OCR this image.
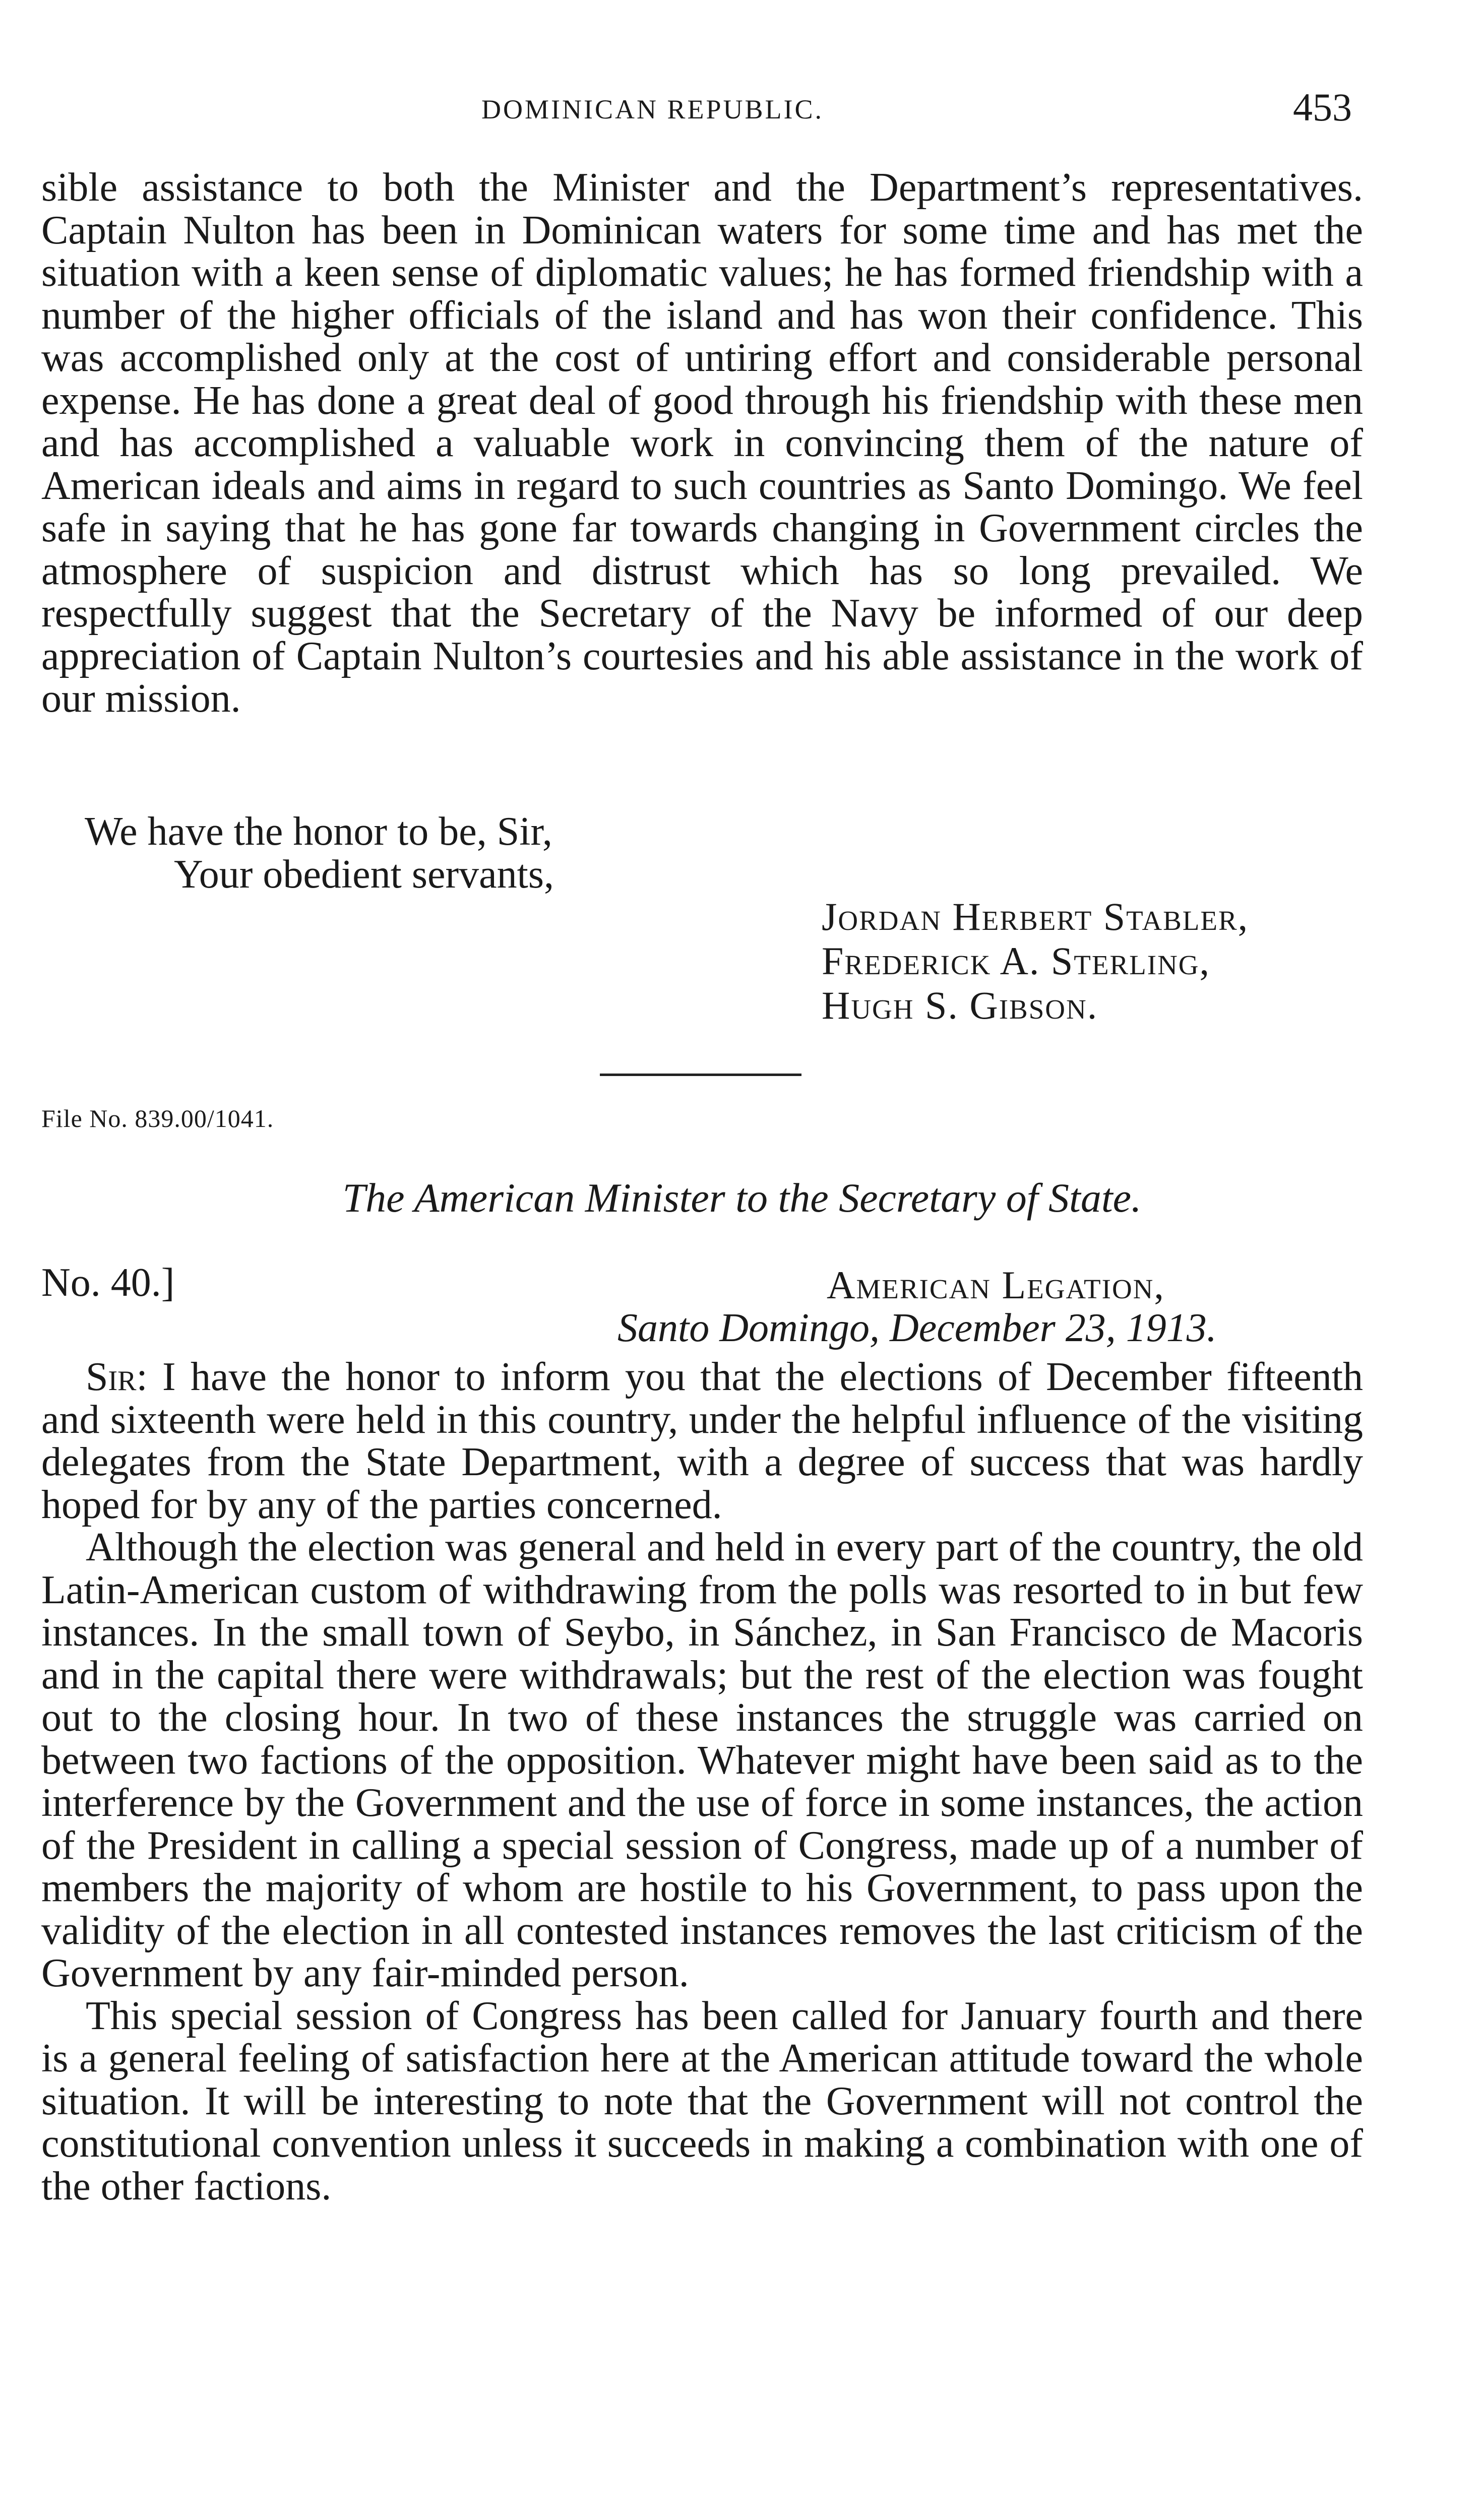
DOMINICAN REPUBLIC.	453

sible assistance to both the Minister and the Department’s representatives. Captain Nulton has been in Dominican waters for some time and has met the situation with a keen sense of diplomatic values; he has formed friendship with a number of the higher officials of the island and has won their confidence. This was accomplished only at the cost of untiring effort and considerable personal expense. He has done a great deal of good through his friendship with these men and has accomplished a valuable work in convincing them of the nature of American ideals and aims in regard to such countries as Santo Domingo. We feel safe in saying that he has gone far towards changing in Government circles the atmosphere of suspicion and distrust which has so long prevailed. We respectfully suggest that the Secretary of the Navy be informed of our deep appreciation of Captain Nulton’s courtesies and his able assistance in the work of our mission.

We have the honor to be, Sir,
Your obedient servants,
Jordan Herbert Stabler,
Frederick A. Sterling,
Hugh S. Gibson.
File No. 839.00/1041.
The American Minister to the Secretary of State.
No. 40.]	American Legation,
Santo Domingo, December 23, 1913.

Sir: I have the honor to inform you that the elections of December fifteenth and sixteenth were held in this country, under the helpful influence of the visiting delegates from the State Department, with a degree of success that was hardly hoped for by any of the parties concerned.

Although the election was general and held in every part of the country, the old Latin-American custom of withdrawing from the polls was resorted to in but few instances. In the small town of Seybo, in Sánchez, in San Francisco de Macoris and in the capital there were withdrawals; but the rest of the election was fought out to the closing hour. In two of these instances the struggle was carried on between two factions of the opposition. Whatever might have been said as to the interference by the Government and the use of force in some instances, the action of the President in calling a special session of Congress, made up of a number of members the majority of whom are hostile to his Government, to pass upon the validity of the election in all contested instances removes the last criticism of the Government by any fair-minded person.

This special session of Congress has been called for January fourth and there is a general feeling of satisfaction here at the American attitude toward the whole situation. It will be interesting to note that the Government will not control the constitutional convention unless it succeeds in making a combination with one of the other factions.
